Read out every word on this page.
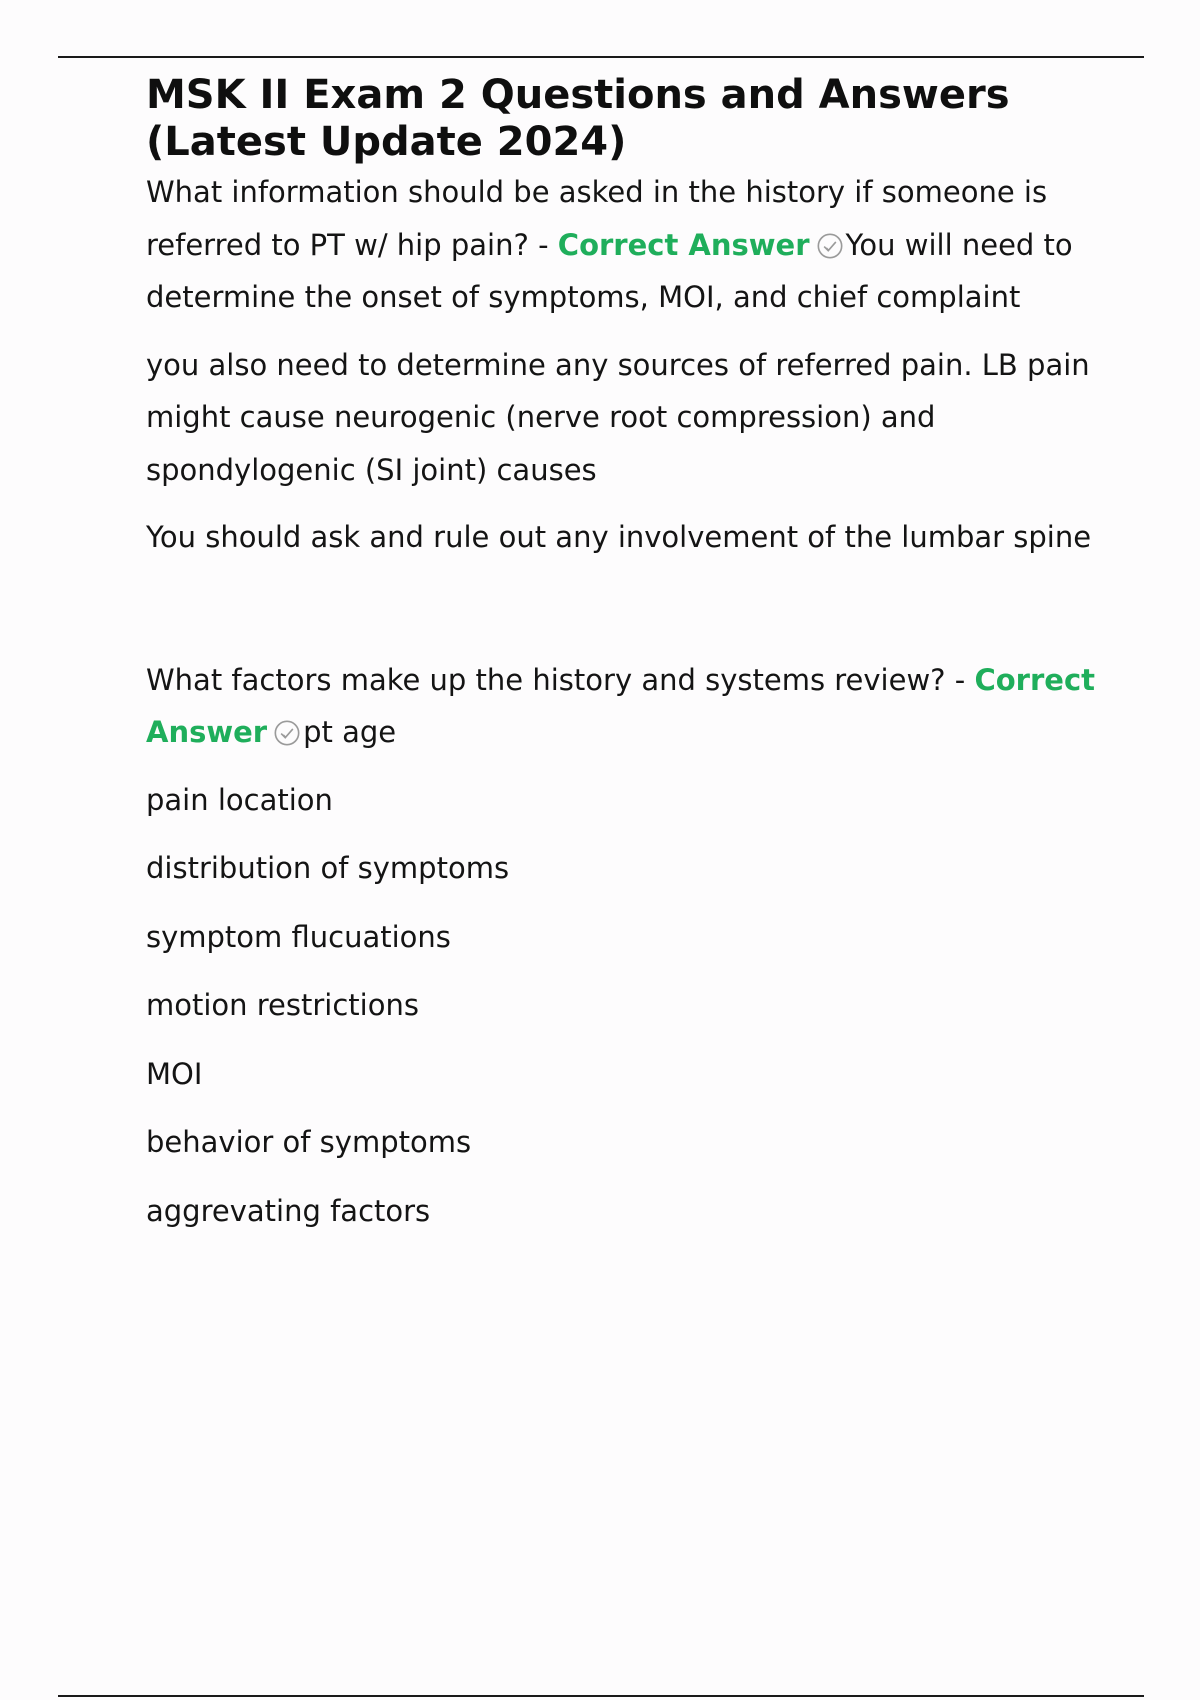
MSK II Exam 2 Questions and Answers
(Latest Update 2024)

What information should be asked in the history if someone is referred to PT w/ hip pain? - Correct Answer You will need to determine the onset of symptoms, MOI, and chief complaint

you also need to determine any sources of referred pain. LB pain might cause neurogenic (nerve root compression) and spondylogenic (SI joint) causes

You should ask and rule out any involvement of the lumbar spine

What factors make up the history and systems review? - Correct Answer pt age

pain location

distribution of symptoms

symptom flucuations

motion restrictions

MOI

behavior of symptoms

aggrevating factors
